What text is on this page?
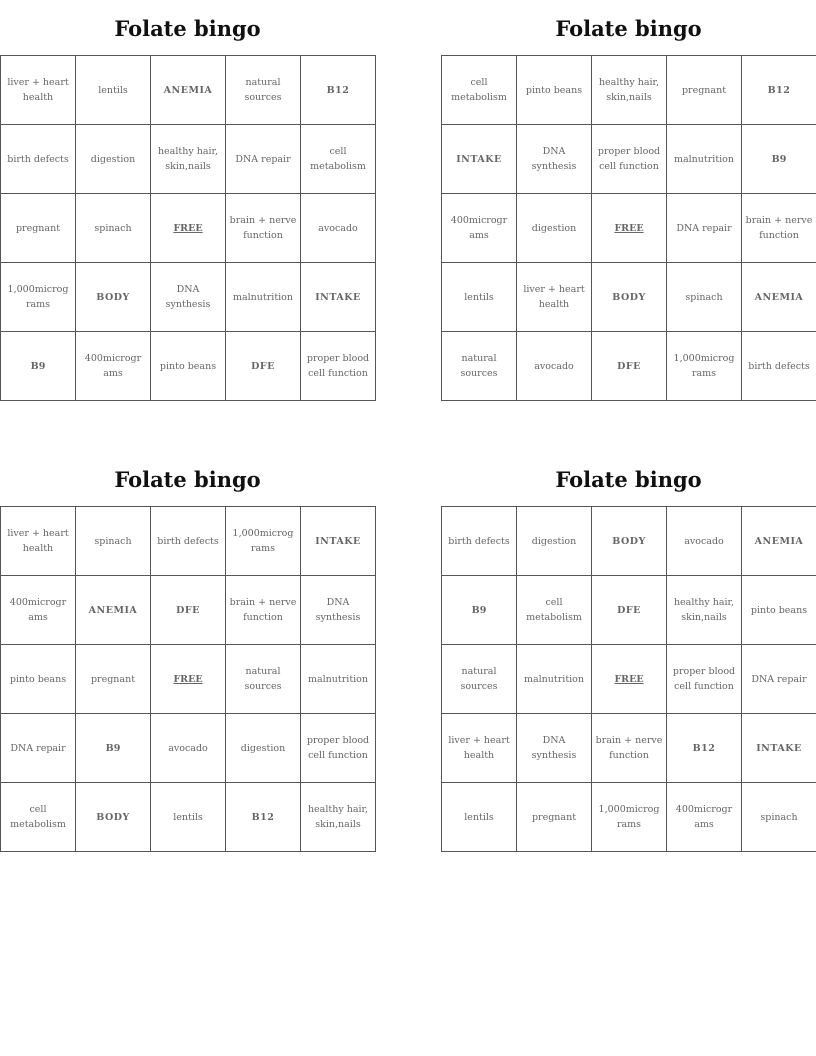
Folate bingo
liver + heart health	lentils	ANEMIA	natural sources	B12
birth defects	digestion	healthy hair, skin,nails	DNA repair	cell metabolism
pregnant	spinach	FREE	brain + nerve function	avocado
1,000microg rams	BODY	DNA synthesis	malnutrition	INTAKE
B9	400microgr ams	pinto beans	DFE	proper blood cell function
Folate bingo
cell metabolism	pinto beans	healthy hair, skin,nails	pregnant	B12
INTAKE	DNA synthesis	proper blood cell function	malnutrition	B9
400microgr ams	digestion	FREE	DNA repair	brain + nerve function
lentils	liver + heart health	BODY	spinach	ANEMIA
natural sources	avocado	DFE	1,000microg rams	birth defects
Folate bingo
liver + heart health	spinach	birth defects	1,000microg rams	INTAKE
400microgr ams	ANEMIA	DFE	brain + nerve function	DNA synthesis
pinto beans	pregnant	FREE	natural sources	malnutrition
DNA repair	B9	avocado	digestion	proper blood cell function
cell metabolism	BODY	lentils	B12	healthy hair, skin,nails
Folate bingo
birth defects	digestion	BODY	avocado	ANEMIA
B9	cell metabolism	DFE	healthy hair, skin,nails	pinto beans
natural sources	malnutrition	FREE	proper blood cell function	DNA repair
liver + heart health	DNA synthesis	brain + nerve function	B12	INTAKE
lentils	pregnant	1,000microg rams	400microgr ams	spinach
